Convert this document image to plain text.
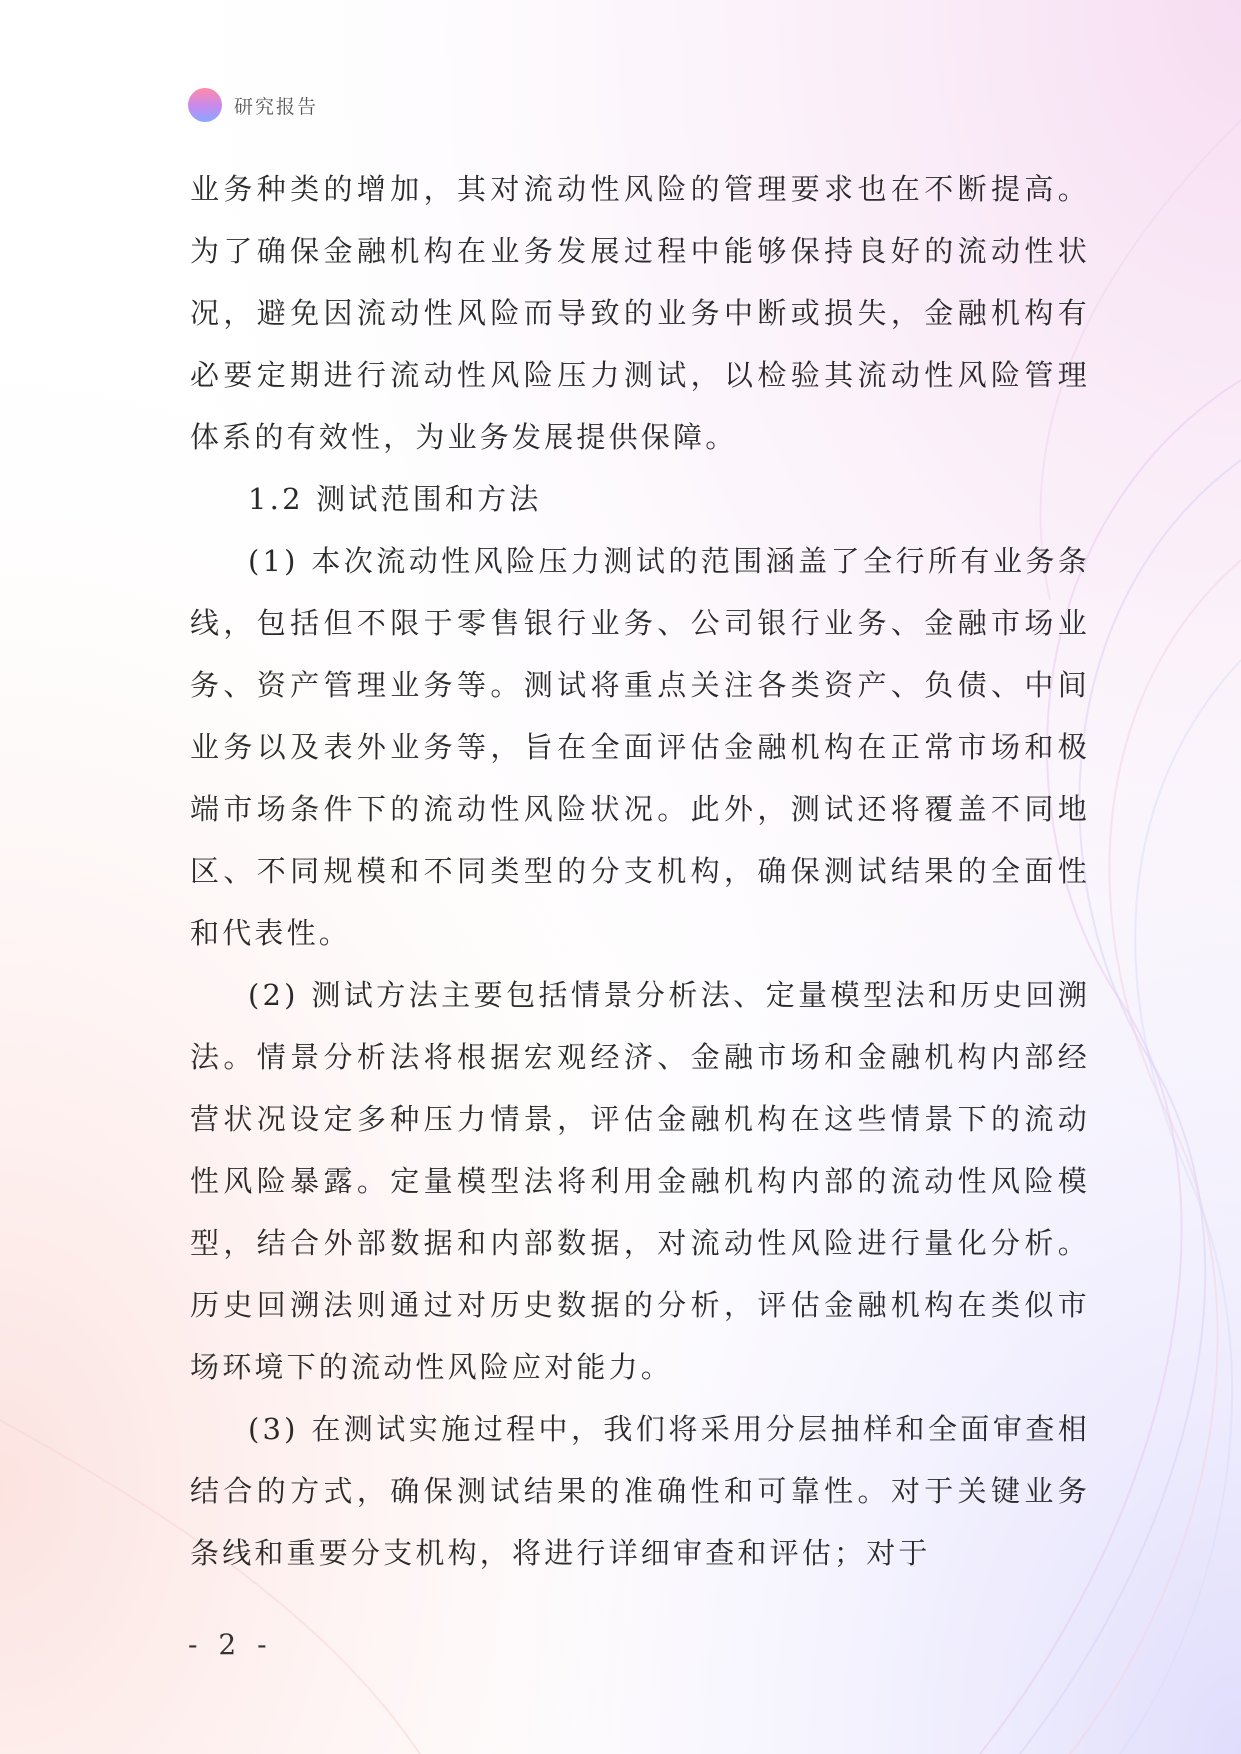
研究报告

业务种类的增加，其对流动性风险的管理要求也在不断提高。为了确保金融机构在业务发展过程中能够保持良好的流动性状况，避免因流动性风险而导致的业务中断或损失，金融机构有必要定期进行流动性风险压力测试，以检验其流动性风险管理体系的有效性，为业务发展提供保障。

1.2 测试范围和方法

(1) 本次流动性风险压力测试的范围涵盖了全行所有业务条线，包括但不限于零售银行业务、公司银行业务、金融市场业务、资产管理业务等。测试将重点关注各类资产、负债、中间业务以及表外业务等，旨在全面评估金融机构在正常市场和极端市场条件下的流动性风险状况。此外，测试还将覆盖不同地区、不同规模和不同类型的分支机构，确保测试结果的全面性和代表性。

(2) 测试方法主要包括情景分析法、定量模型法和历史回溯法。情景分析法将根据宏观经济、金融市场和金融机构内部经营状况设定多种压力情景，评估金融机构在这些情景下的流动性风险暴露。定量模型法将利用金融机构内部的流动性风险模型，结合外部数据和内部数据，对流动性风险进行量化分析。历史回溯法则通过对历史数据的分析，评估金融机构在类似市场环境下的流动性风险应对能力。

(3) 在测试实施过程中，我们将采用分层抽样和全面审查相结合的方式，确保测试结果的准确性和可靠性。对于关键业务条线和重要分支机构，将进行详细审查和评估；对于

- 2 -
